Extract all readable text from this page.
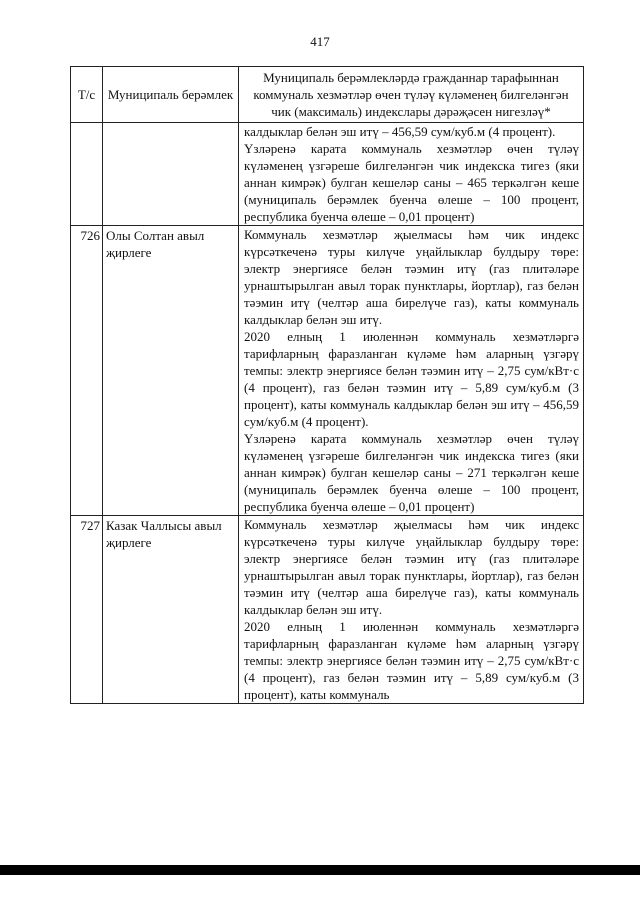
417
Т/с	Муниципаль берәмлек	Муниципаль берәмлекләрдә гражданнар тарафыннан коммуналь хезмәтләр өчен түләү күләменең билгеләнгән чик (максималь) индекслары дәрәҗәсен нигезләү*

		калдыклар белән эш итү – 456,59 сум/куб.м (4 процент).

Үзләренә карата коммуналь хезмәтләр өчен түләү күләменең үзгәреше билгеләнгән чик индекска тигез (яки аннан кимрәк) булган кешеләр саны – 465 теркәлгән кеше (муниципаль берәмлек буенча өлеше – 100 процент, республика буенча өлеше – 0,01 процент)

726	Олы Солтан авыл җирлеге	Коммуналь хезмәтләр җыелмасы һәм чик индекс күрсәткеченә туры килүче уңайлыклар булдыру төре: электр энергиясе белән тәэмин итү (газ плитәләре урнаштырылган авыл торак пунктлары, йортлар), газ белән тәэмин итү (челтәр аша бирелүче газ), каты коммуналь калдыклар белән эш итү.

2020 елның 1 июленнән коммуналь хезмәтләргә тарифларның фаразланган күләме һәм аларның үзгәрү темпы: электр энергиясе белән тәэмин итү – 2,75 сум/кВт·с (4 процент), газ белән тәэмин итү – 5,89 сум/куб.м (3 процент), каты коммуналь калдыклар белән эш итү – 456,59 сум/куб.м (4 процент).

Үзләренә карата коммуналь хезмәтләр өчен түләү күләменең үзгәреше билгеләнгән чик индекска тигез (яки аннан кимрәк) булган кешеләр саны – 271 теркәлгән кеше (муниципаль берәмлек буенча өлеше – 100 процент, республика буенча өлеше – 0,01 процент)

727	Казак Чаллысы авыл җирлеге	Коммуналь хезмәтләр җыелмасы һәм чик индекс күрсәткеченә туры килүче уңайлыклар булдыру төре: электр энергиясе белән тәэмин итү (газ плитәләре урнаштырылган авыл торак пунктлары, йортлар), газ белән тәэмин итү (челтәр аша бирелүче газ), каты коммуналь калдыклар белән эш итү.

2020 елның 1 июленнән коммуналь хезмәтләргә тарифларның фаразланган күләме һәм аларның үзгәрү темпы: электр энергиясе белән тәэмин итү – 2,75 сум/кВт·с (4 процент), газ белән тәэмин итү – 5,89 сум/куб.м (3 процент), каты коммуналь
